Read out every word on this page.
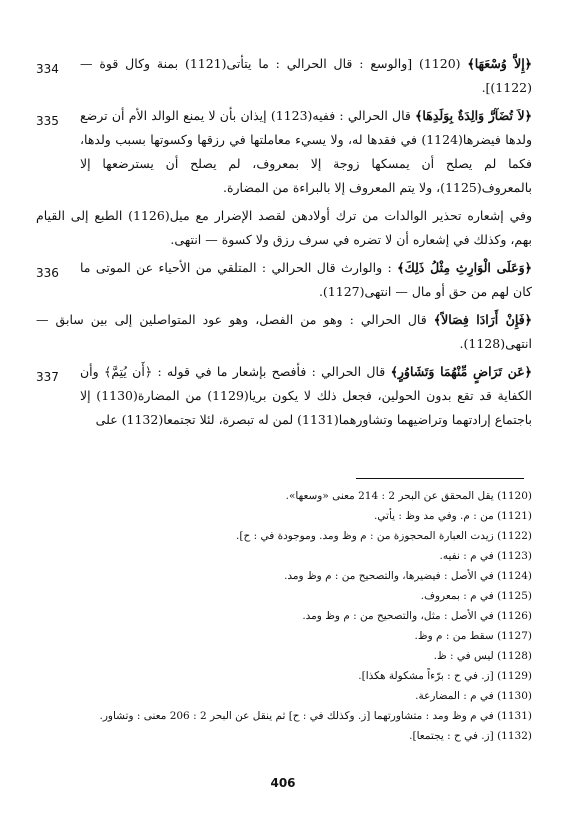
334	﴿إِلاَّ وُسْعَهَا﴾ (1120) [والوسع : قال الحرالي : ما يتأتى(1121) بمنة وكال قوة — (1122)].

335	﴿لاَ تُضَآرَّ وَالِدَةٌ بِوَلَدِهَا﴾ قال الحرالي : ففيه(1123) إيذان بأن لا يمنع الوالد الأم أن ترضع ولدها فيضرها(1124) في فقدها له، ولا يسيء معاملتها في رزقها وكسوتها بسبب ولدها، فكما لم يصلح أن يمسكها زوجة إلا بمعروف، لم يصلح أن يسترضعها إلا بالمعروف(1125)، ولا يتم المعروف إلا بالبراءة من المضارة.

وفي إشعاره تحذير الوالدات من ترك أولادهن لقصد الإضرار مع ميل(1126) الطبع إلى القيام بهم، وكذلك في إشعاره أن لا تضره في سرف رزق ولا كسوة — انتهى.

336	﴿وَعَلَى الْوَارِثِ مِثْلُ ذَلِكَ﴾ : والوارث قال الحرالي : المتلقي من الأحياء عن الموتى ما كان لهم من حق أو مال — انتهى(1127).

﴿فَإِنْ أَرَادَا فِصَالاً﴾ قال الحرالي : وهو من الفصل، وهو عود المتواصلين إلى بين سابق — انتهى(1128).

337	﴿عَن تَرَاضٍ مِّنْهُمَا وَتَشَاوُرٍ﴾ قال الحرالي : فأفصح بإشعار ما في قوله : ﴿أَن يُتِمَّ﴾ وأن الكفاية قد تقع بدون الحولين، فجعل ذلك لا يكون بريا(1129) من المضارة(1130) إلا باجتماع إرادتهما وتراضيهما وتشاورهما(1131) لمن له تبصرة، لئلا تجتمعا(1132) على

(1120) يقل المحقق عن البحر 2 : 214 معنى «وسعها».
(1121) من : م. وفي مد وظ : يأتي.
(1122) زيدت العبارة المحجوزة من : م وظ ومد. وموجودة في : ح].
(1123) في م : نفيه.
(1124) في الأصل : فيضيرها، والتصحيح من : م وظ ومد.
(1125) في م : بمعروف.
(1126) في الأصل : مثل، والتصحيح من : م وظ ومد.
(1127) سقط من : م وظ.
(1128) ليس في : ظ.
(1129) [ز. في ح : برّءاً مشكولة هكذا].
(1130) في م : المضارعة.
(1131) في م وظ ومد : متشاورتهما [ز. وكذلك في : ح] ثم ينقل عن البحر 2 : 206 معنى : وتشاور.
(1132) [ز. في ح : يجتمعا].
406
